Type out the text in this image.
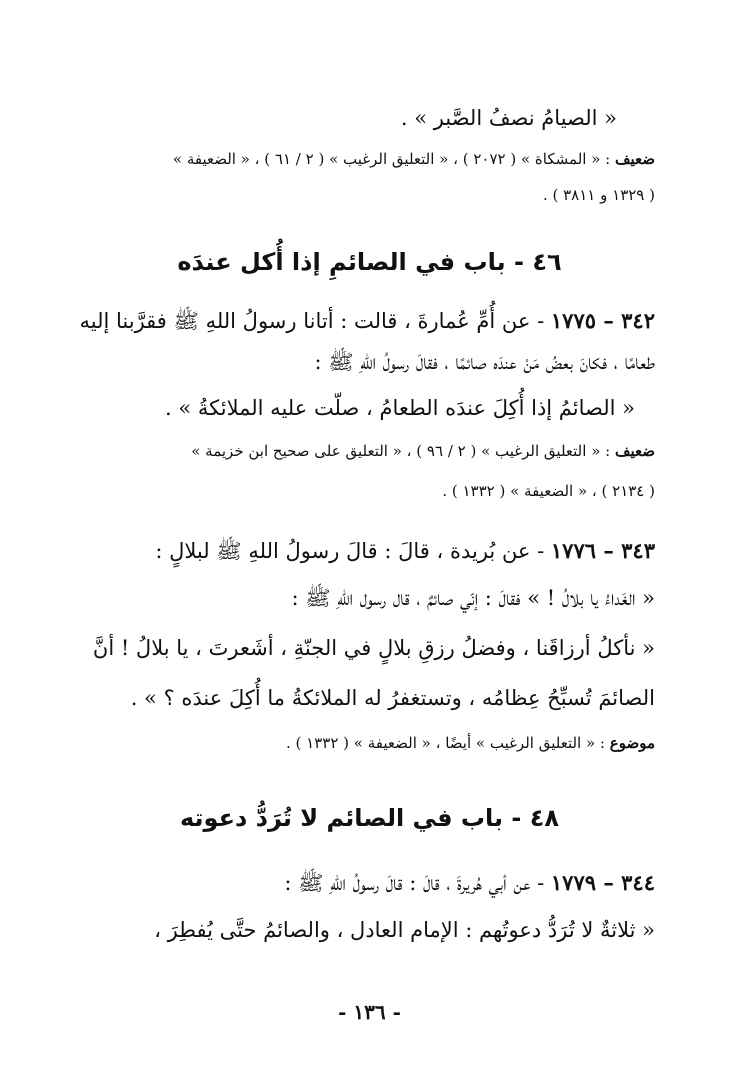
« الصيامُ نصفُ الصَّبر » .
ضعيف : « المشكاة » ( ٢٠٧٢ ) ، « التعليق الرغيب » ( ٢ / ٦١ ) ، « الضعيفة »
( ١٣٢٩ و ٣٨١١ ) .
٤٦ - باب في الصائمِ إذا أُكل عندَه
٣٤٢ – ١٧٧٥ - عن أُمِّ عُمارةَ ، قالت : أتانا رسولُ اللهِ ﷺ فقرَّبنا إليه
طعامًا ، فكانَ بعضُ مَنْ عندَه صائمًا ، فقالَ رسولُ اللهِ ﷺ :
« الصائمُ إذا أُكِلَ عندَه الطعامُ ، صلّت عليه الملائكةُ » .
ضعيف : « التعليق الرغيب » ( ٢ / ٩٦ ) ، « التعليق على صحيح ابن خزيمة »
( ٢١٣٤ ) ، « الضعيفة » ( ١٣٣٢ ) .
٣٤٣ – ١٧٧٦ - عن بُريدة ، قالَ : قالَ رسولُ اللهِ ﷺ لبلالٍ :
« الغَداءُ يا بلالُ ! » فقالَ : إنّي صائمٌ ، قال رسول اللهِ ﷺ :
« نأكلُ أرزاقَنا ، وفضلُ رزقِ بلالٍ في الجنّةِ ، أشَعرتَ ، يا بلالُ ! أنَّ
الصائمَ تُسبِّحُ عِظامُه ، وتستغفرُ له الملائكةُ ما أُكِلَ عندَه ؟ » .
موضوع : « التعليق الرغيب » أيضًا ، « الضعيفة » ( ١٣٣٢ ) .
٤٨ - باب في الصائم لا تُرَدُّ دعوته
٣٤٤ – ١٧٧٩ - عن أبي هُريرةَ ، قالَ : قالَ رسولُ اللهِ ﷺ :
« ثلاثةٌ لا تُرَدُّ دعوتُهم : الإمام العادل ، والصائمُ حتَّى يُفطِرَ ،
- ١٣٦ -
